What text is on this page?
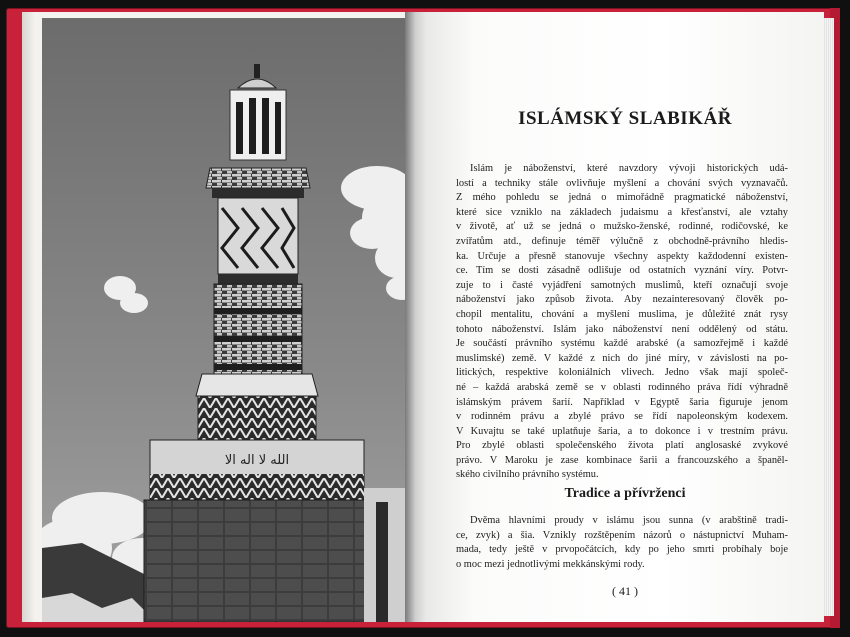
ﺍﻟﻠﻪ ﻻ ﺍﻟﻪ ﺍﻻ
ISLÁMSKÝ SLABIKÁŘ
Islám je náboženství, které navzdory vývoji historických udá-
lostí a techniky stále ovlivňuje myšlení a chování svých vyznavačů.
Z mého pohledu se jedná o mimořádně pragmatické náboženství,
které sice vzniklo na základech judaismu a křesťanství, ale vztahy
v životě, ať už se jedná o mužsko-ženské, rodinné, rodičovské, ke
zvířatům atd., definuje téměř výlučně z obchodně-právního hledis-
ka. Určuje a přesně stanovuje všechny aspekty každodenní existen-
ce. Tím se dosti zásadně odlišuje od ostatních vyznání víry. Potvr-
zuje to i časté vyjádření samotných muslimů, kteří označují svoje
náboženství jako způsob života. Aby nezainteresovaný člověk po-
chopil mentalitu, chování a myšlení muslima, je důležité znát rysy
tohoto náboženství. Islám jako náboženství není oddělený od státu.
Je součástí právního systému každé arabské (a samozřejmě i každé
muslimské) země. V každé z nich do jiné míry, v závislosti na po-
litických, respektive koloniálních vlivech. Jedno však mají společ-
né – každá arabská země se v oblasti rodinného práva řídí výhradně
islámským právem šarií. Například v Egyptě šaria figuruje jenom
v rodinném právu a zbylé právo se řídí napoleonským kodexem.
V Kuvajtu se také uplatňuje šaria, a to dokonce i v trestním právu.
Pro zbylé oblasti společenského života platí anglosaské zvykové
právo. V Maroku je zase kombinace šarii a francouzského a španěl-
ského civilního právního systému.
Tradice a přívrženci
Dvěma hlavními proudy v islámu jsou sunna (v arabštině tradi-
ce, zvyk) a šia. Vznikly rozštěpením názorů o nástupnictví Muham-
mada, tedy ještě v prvopočátcích, kdy po jeho smrti probíhaly boje
o moc mezi jednotlivými mekkánskými rody.
( 41 )
